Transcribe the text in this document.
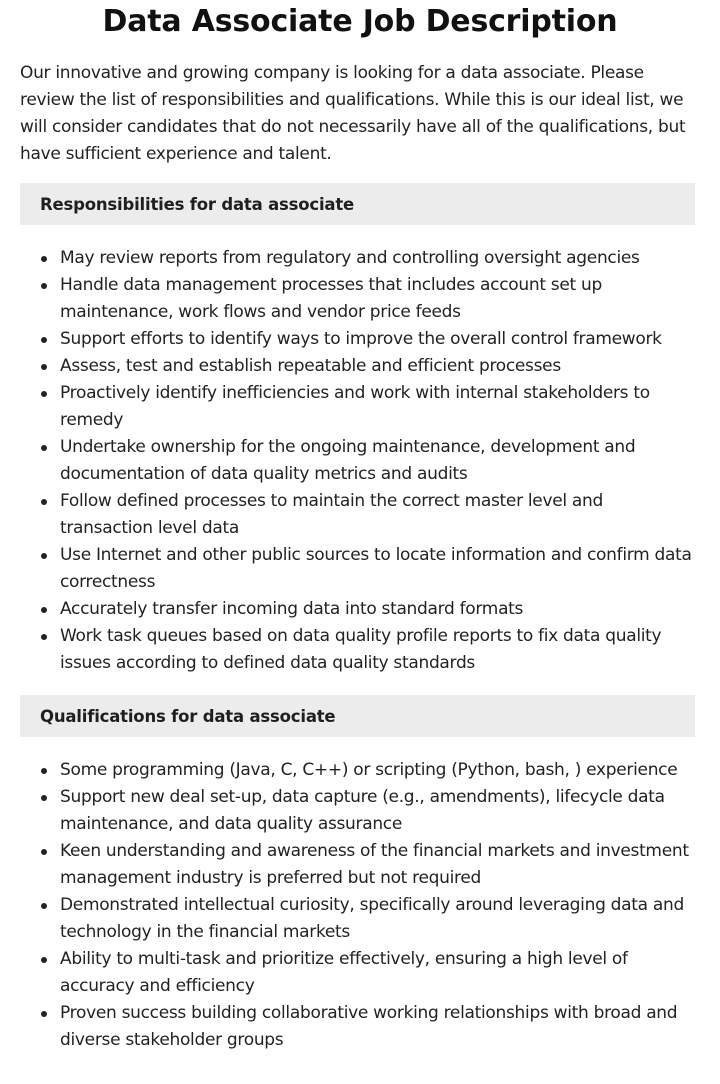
Data Associate Job Description

Our innovative and growing company is looking for a data associate. Please review the list of responsibilities and qualifications. While this is our ideal list, we will consider candidates that do not necessarily have all of the qualifications, but have sufficient experience and talent.

Responsibilities for data associate
May review reports from regulatory and controlling oversight agencies
Handle data management processes that includes account set up maintenance, work flows and vendor price feeds
Support efforts to identify ways to improve the overall control framework
Assess, test and establish repeatable and efficient processes
Proactively identify inefficiencies and work with internal stakeholders to remedy
Undertake ownership for the ongoing maintenance, development and documentation of data quality metrics and audits
Follow defined processes to maintain the correct master level and transaction level data
Use Internet and other public sources to locate information and confirm data correctness
Accurately transfer incoming data into standard formats
Work task queues based on data quality profile reports to fix data quality issues according to defined data quality standards
Qualifications for data associate
Some programming (Java, C, C++) or scripting (Python, bash, ) experience
Support new deal set-up, data capture (e.g., amendments), lifecycle data maintenance, and data quality assurance
Keen understanding and awareness of the financial markets and investment management industry is preferred but not required
Demonstrated intellectual curiosity, specifically around leveraging data and technology in the financial markets
Ability to multi-task and prioritize effectively, ensuring a high level of accuracy and efficiency
Proven success building collaborative working relationships with broad and diverse stakeholder groups
